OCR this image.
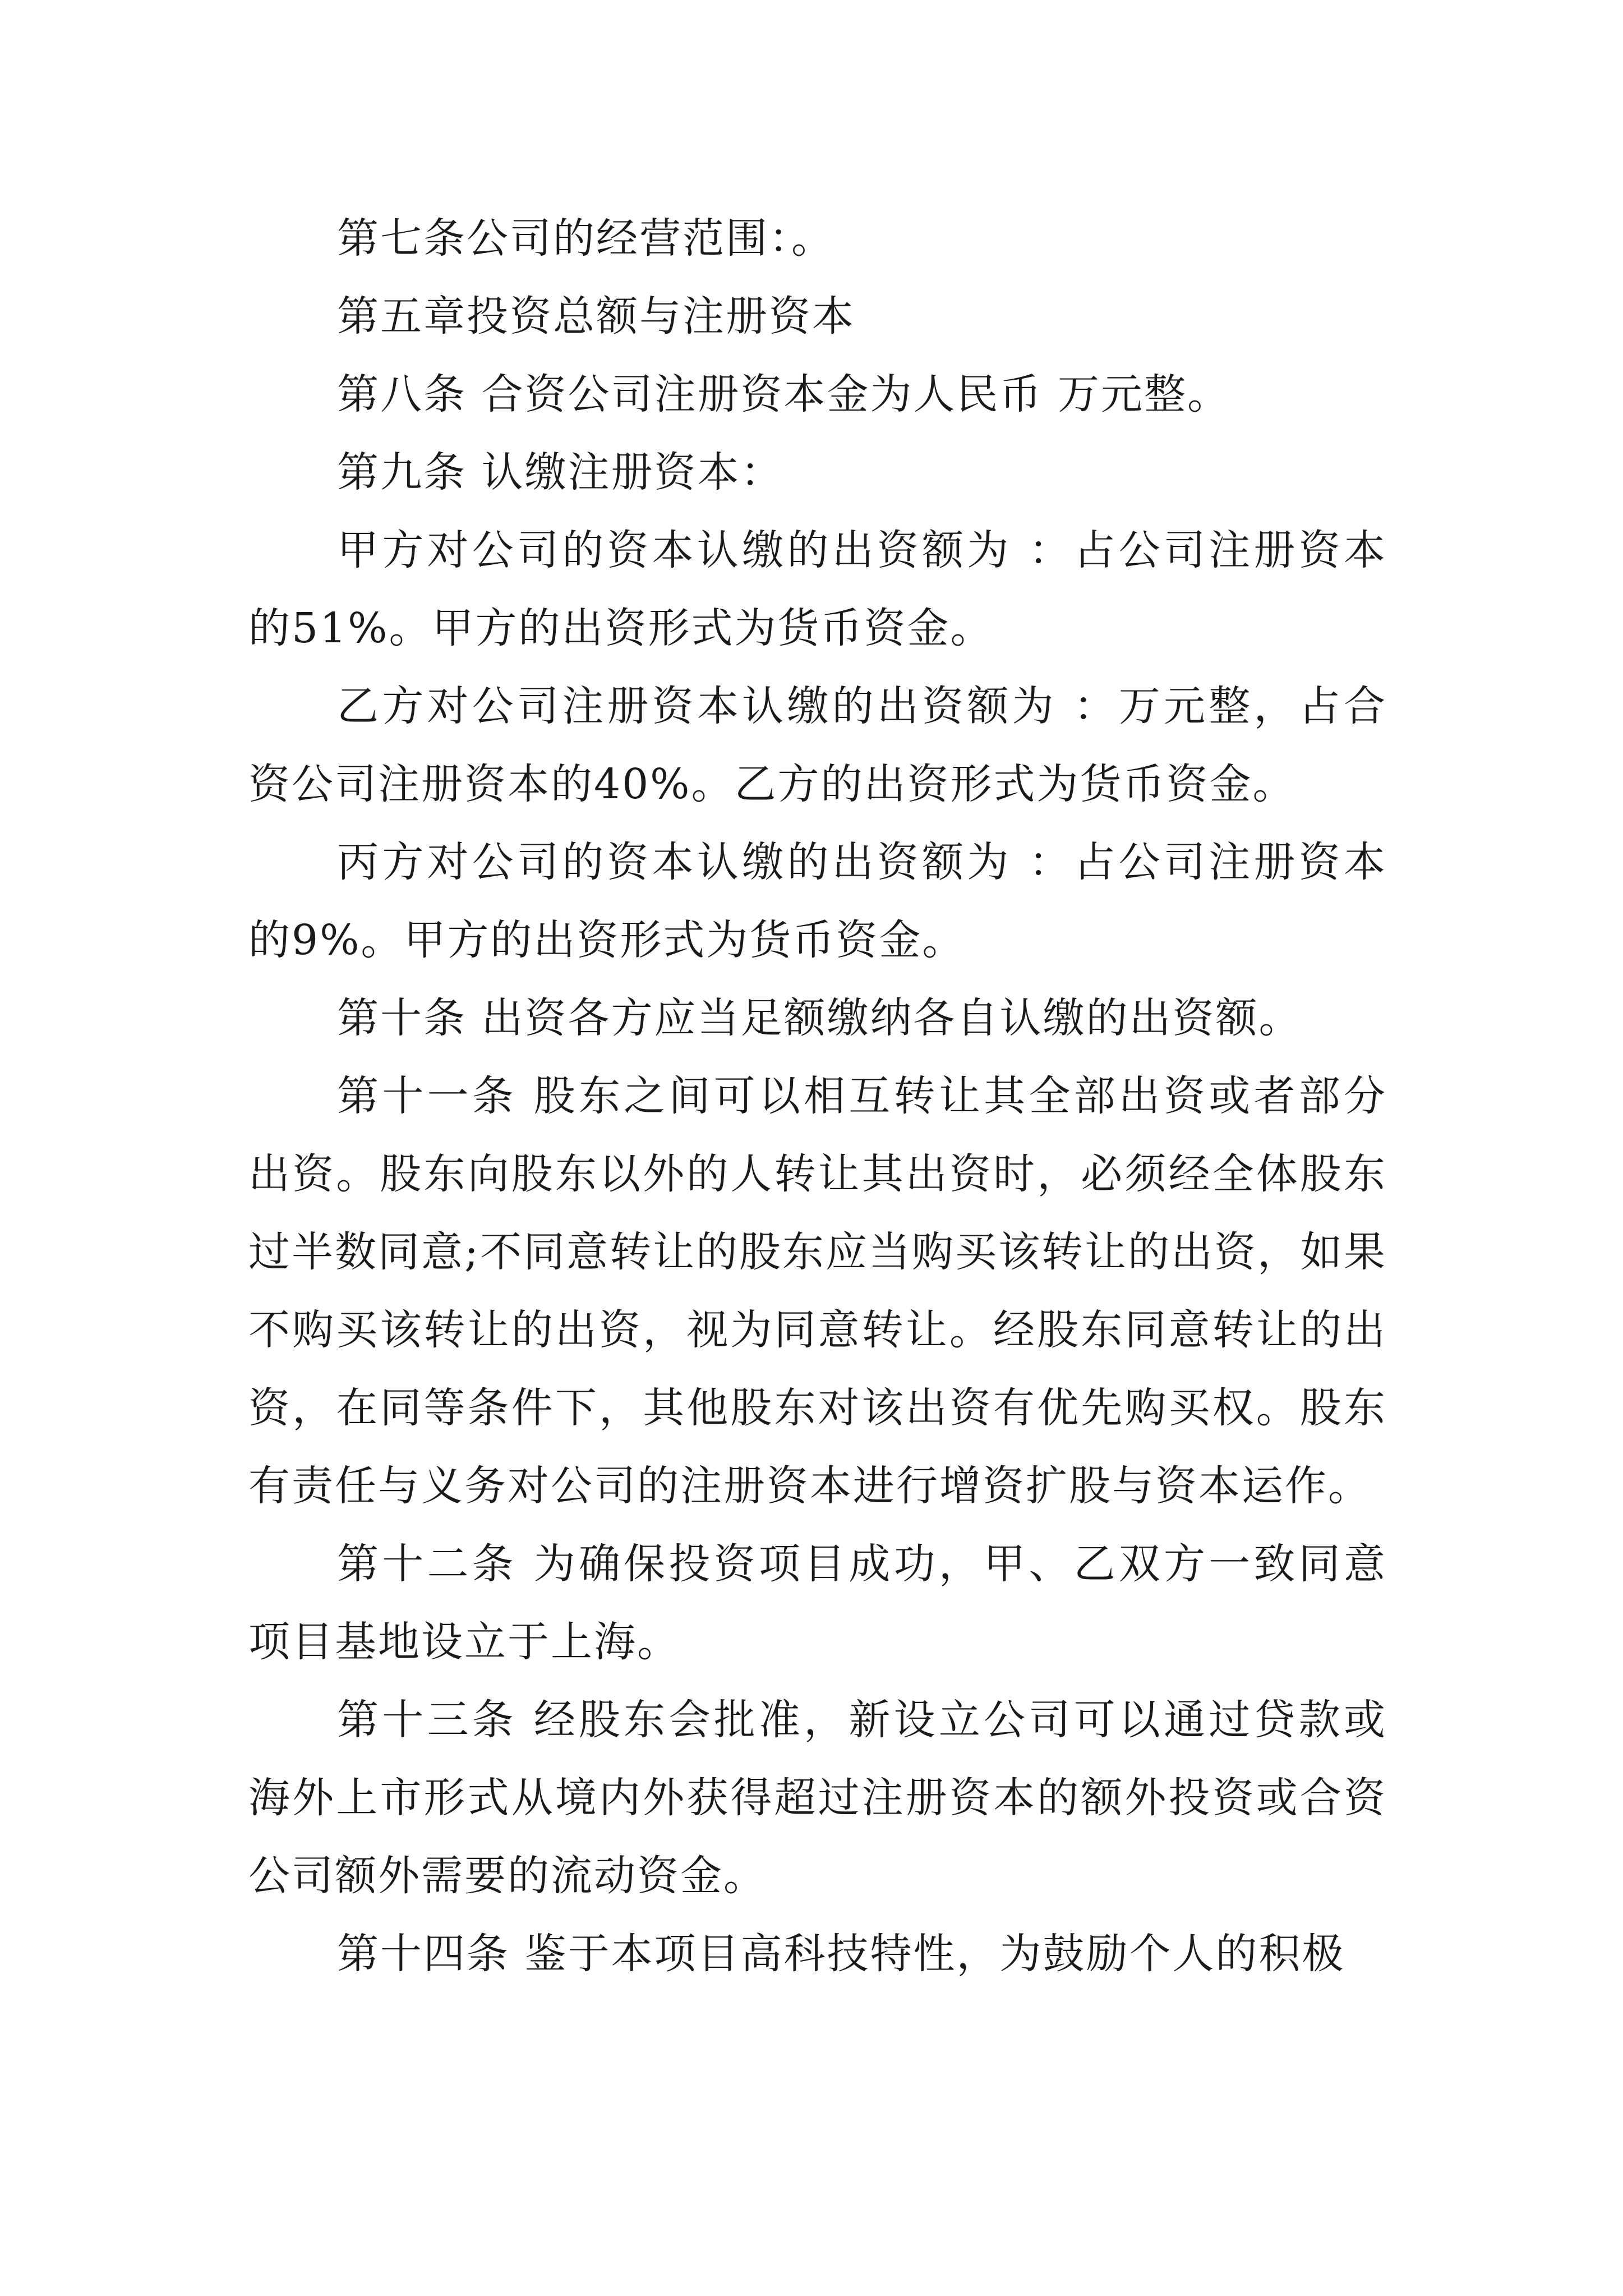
第七条公司的经营范围：。

第五章投资总额与注册资本

第八条 合资公司注册资本金为人民币 万元整。

第九条 认缴注册资本：

甲方对公司的资本认缴的出资额为 ：占公司注册资本的51%。甲方的出资形式为货币资金。

乙方对公司注册资本认缴的出资额为 ：万元整，占合资公司注册资本的40%。乙方的出资形式为货币资金。

丙方对公司的资本认缴的出资额为 ：占公司注册资本的9%。甲方的出资形式为货币资金。

第十条 出资各方应当足额缴纳各自认缴的出资额。

第十一条 股东之间可以相互转让其全部出资或者部分出资。股东向股东以外的人转让其出资时，必须经全体股东过半数同意;不同意转让的股东应当购买该转让的出资，如果不购买该转让的出资，视为同意转让。经股东同意转让的出资，在同等条件下，其他股东对该出资有优先购买权。股东有责任与义务对公司的注册资本进行增资扩股与资本运作。

第十二条 为确保投资项目成功，甲、乙双方一致同意项目基地设立于上海。

第十三条 经股东会批准，新设立公司可以通过贷款或海外上市形式从境内外获得超过注册资本的额外投资或合资公司额外需要的流动资金。

第十四条 鉴于本项目高科技特性，为鼓励个人的积极
